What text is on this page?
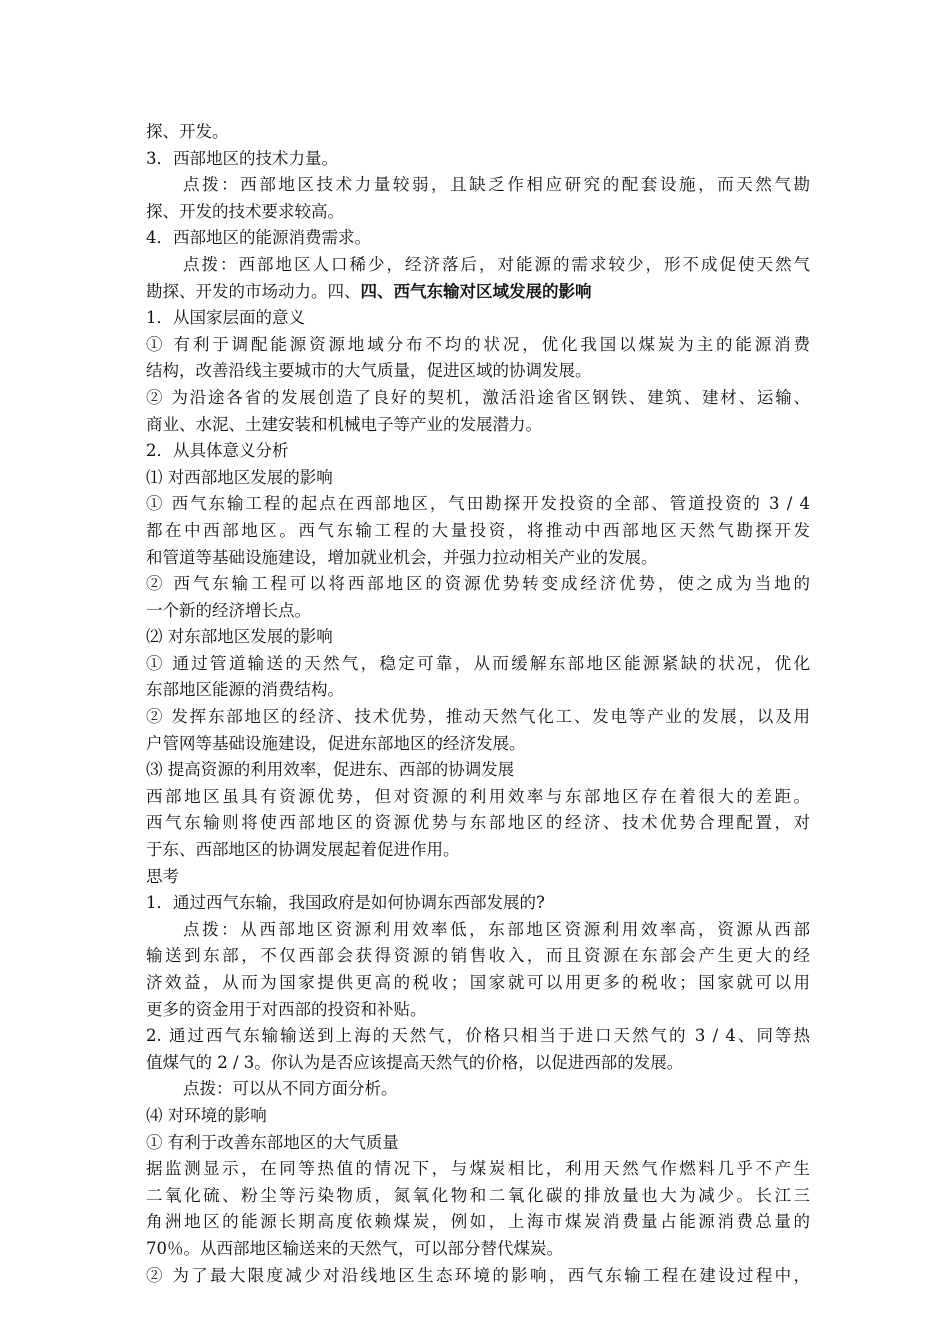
探、开发。
3．西部地区的技术力量。
点拨：西部地区技术力量较弱，且缺乏作相应研究的配套设施，而天然气勘
探、开发的技术要求较高。
4．西部地区的能源消费需求。
点拨：西部地区人口稀少，经济落后，对能源的需求较少，形不成促使天然气
勘探、开发的市场动力。四、四、西气东输对区域发展的影响
1．从国家层面的意义
① 有利于调配能源资源地域分布不均的状况，优化我国以煤炭为主的能源消费
结构，改善沿线主要城市的大气质量，促进区域的协调发展。
② 为沿途各省的发展创造了良好的契机，激活沿途省区钢铁、建筑、建材、运输、
商业、水泥、土建安装和机械电子等产业的发展潜力。
2．从具体意义分析
⑴ 对西部地区发展的影响
① 西气东输工程的起点在西部地区，气田勘探开发投资的全部、管道投资的 3 / 4
都在中西部地区。西气东输工程的大量投资，将推动中西部地区天然气勘探开发
和管道等基础设施建设，增加就业机会，并强力拉动相关产业的发展。
② 西气东输工程可以将西部地区的资源优势转变成经济优势，使之成为当地的
一个新的经济增长点。
⑵ 对东部地区发展的影响
① 通过管道输送的天然气，稳定可靠，从而缓解东部地区能源紧缺的状况，优化
东部地区能源的消费结构。
② 发挥东部地区的经济、技术优势，推动天然气化工、发电等产业的发展，以及用
户管网等基础设施建设，促进东部地区的经济发展。
⑶ 提高资源的利用效率，促进东、西部的协调发展
西部地区虽具有资源优势，但对资源的利用效率与东部地区存在着很大的差距。
西气东输则将使西部地区的资源优势与东部地区的经济、技术优势合理配置，对
于东、西部地区的协调发展起着促进作用。
思考
1．通过西气东输，我国政府是如何协调东西部发展的?
点拨：从西部地区资源利用效率低，东部地区资源利用效率高，资源从西部
输送到东部，不仅西部会获得资源的销售收入，而且资源在东部会产生更大的经
济效益，从而为国家提供更高的税收；国家就可以用更多的税收；国家就可以用
更多的资金用于对西部的投资和补贴。
2. 通过西气东输输送到上海的天然气，价格只相当于进口天然气的 3 / 4、同等热
值煤气的 2 / 3。你认为是否应该提高天然气的价格，以促进西部的发展。
点拨：可以从不同方面分析。
⑷ 对环境的影响
① 有利于改善东部地区的大气质量
据监测显示，在同等热值的情况下，与煤炭相比，利用天然气作燃料几乎不产生
二氧化硫、粉尘等污染物质，氮氧化物和二氧化碳的排放量也大为减少。长江三
角洲地区的能源长期高度依赖煤炭，例如，上海市煤炭消费量占能源消费总量的
70％。从西部地区输送来的天然气，可以部分替代煤炭。
② 为了最大限度减少对沿线地区生态环境的影响，西气东输工程在建设过程中，
